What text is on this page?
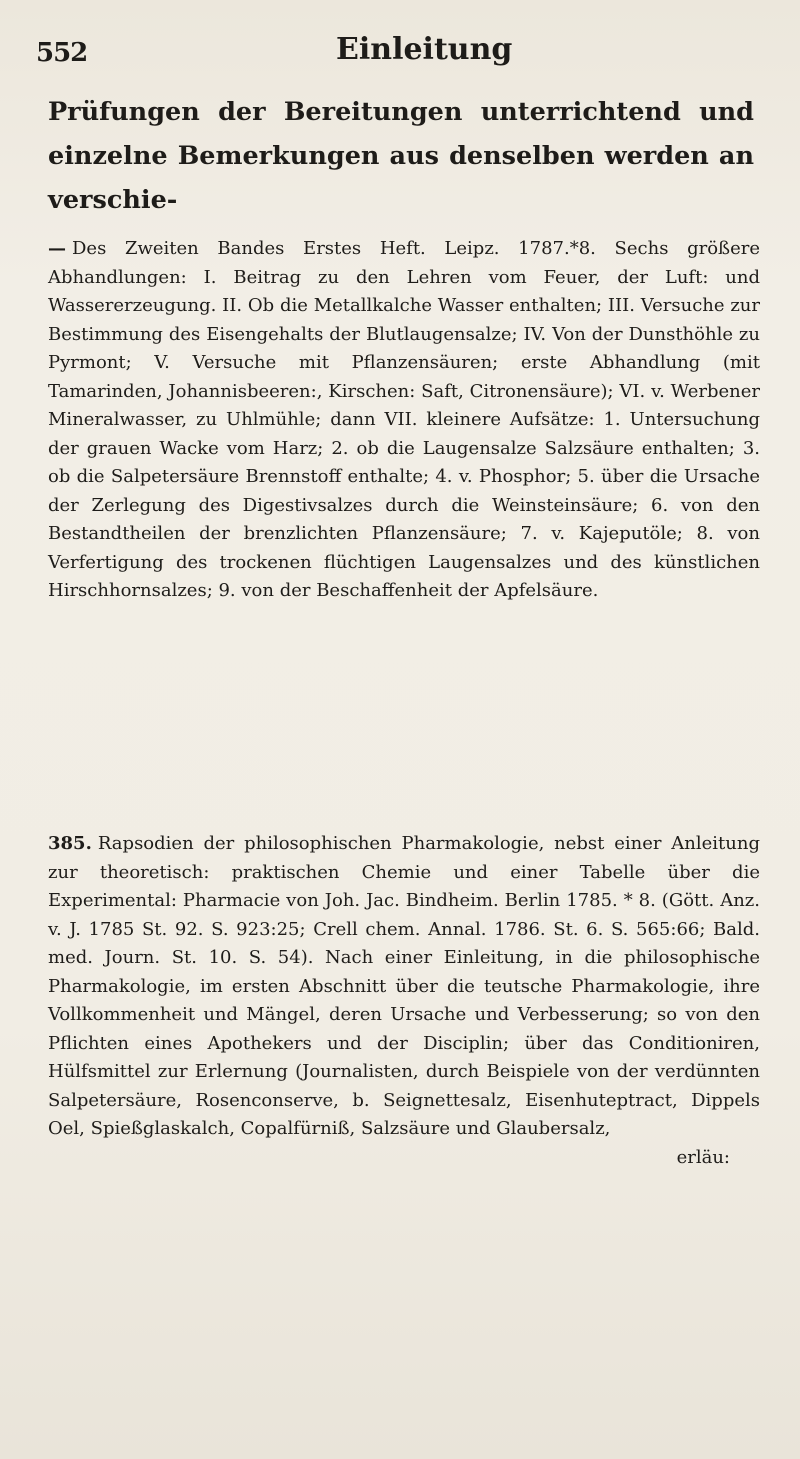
552	Einleitung
Prüfungen der Bereitungen unterrichtend und einzelne Bemerkungen aus denselben werden an verschie-
— Des Zweiten Bandes Erstes Heft. Leipz. 1787.*8. Sechs größere Abhandlungen: I. Beitrag zu den Lehren vom Feuer, der Luft: und Wassererzeugung. II. Ob die Metallkalche Wasser enthalten; III. Versuche zur Bestimmung des Eisengehalts der Blutlaugensalze; IV. Von der Dunsthöhle zu Pyrmont; V. Versuche mit Pflanzensäuren; erste Abhandlung (mit Tamarinden, Johannisbeeren:, Kirschen: Saft, Citronensäure); VI. v. Werbener Mineralwasser, zu Uhlmühle; dann VII. kleinere Aufsätze: 1. Untersuchung der grauen Wacke vom Harz; 2. ob die Laugensalze Salzsäure enthalten; 3. ob die Salpetersäure Brennstoff enthalte; 4. v. Phosphor; 5. über die Ursache der Zerlegung des Digestivsalzes durch die Weinsteinsäure; 6. von den Bestandtheilen der brenzlichten Pflanzensäure; 7. v. Kajeputöle; 8. von Verfertigung des trockenen flüchtigen Laugensalzes und des künstlichen Hirschhornsalzes; 9. von der Beschaffenheit der Apfelsäure.
385. Rapsodien der philosophischen Pharmakologie, nebst einer Anleitung zur theoretisch: praktischen Chemie und einer Tabelle über die Experimental: Pharmacie von Joh. Jac. Bindheim. Berlin 1785. * 8. (Gött. Anz. v. J. 1785 St. 92. S. 923:25; Crell chem. Annal. 1786. St. 6. S. 565:66; Bald. med. Journ. St. 10. S. 54). Nach einer Einleitung, in die philosophische Pharmakologie, im ersten Abschnitt über die teutsche Pharmakologie, ihre Vollkommenheit und Mängel, deren Ursache und Verbesserung; so von den Pflichten eines Apothekers und der Disciplin; über das Conditioniren, Hülfsmittel zur Erlernung (Journalisten, durch Beispiele von der verdünnten Salpetersäure, Rosenconserve, b. Seignettesalz, Eisenhuteptract, Dippels Oel, Spießglaskalch, Copalfürniß, Salzsäure und Glaubersalz,
erläu:
